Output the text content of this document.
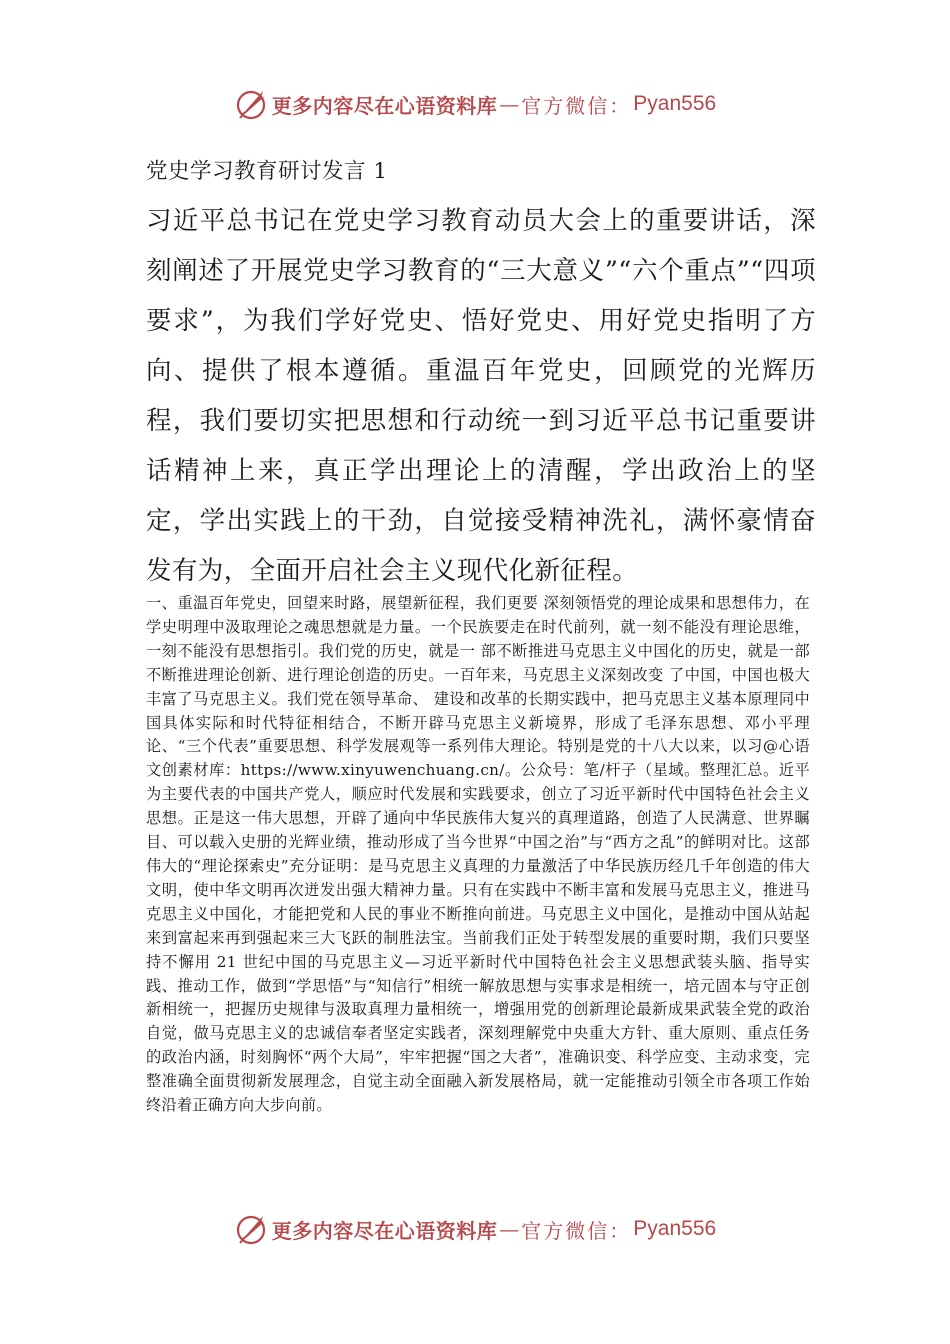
更多内容尽在心语资料库 — 官方微信： Pyan556
党史学习教育研讨发言 1
习近平总书记在党史学习教育动员大会上的重要讲话，深刻阐述了开展党史学习教育的“三大意义”“六个重点”“四项要求”，为我们学好党史、悟好党史、用好党史指明了方向、提供了根本遵循。重温百年党史，回顾党的光辉历程，我们要切实把思想和行动统一到习近平总书记重要讲话精神上来，真正学出理论上的清醒，学出政治上的坚定，学出实践上的干劲，自觉接受精神洗礼，满怀豪情奋发有为，全面开启社会主义现代化新征程。

一、重温百年党史，回望来时路，展望新征程，我们更要 深刻领悟党的理论成果和思想伟力，在学史明理中汲取理论之魂思想就是力量。一个民族要走在时代前列，就一刻不能没有理论思维，一刻不能没有思想指引。我们党的历史，就是一 部不断推进马克思主义中国化的历史，就是一部不断推进理论创新、进行理论创造的历史。一百年来，马克思主义深刻改变 了中国，中国也极大丰富了马克思主义。我们党在领导革命、 建设和改革的长期实践中，把马克思主义基本原理同中国具体实际和时代特征相结合，不断开辟马克思主义新境界，形成了毛泽东思想、邓小平理论、“三个代表”重要思想、科学发展观等一系列伟大理论。特别是党的十八大以来，以习@心语文创素材库：https://www.xinyuwenchuang.cn/。公众号：笔/杆子（星域。整理汇总。近平为主要代表的中国共产党人，顺应时代发展和实践要求，创立了习近平新时代中国特色社会主义思想。正是这一伟大思想，开辟了通向中华民族伟大复兴的真理道路，创造了人民满意、世界瞩目、可以载入史册的光辉业绩，推动形成了当今世界“中国之治”与“西方之乱”的鲜明对比。这部伟大的“理论探索史”充分证明：是马克思主义真理的力量激活了中华民族历经几千年创造的伟大文明，使中华文明再次迸发出强大精神力量。只有在实践中不断丰富和发展马克思主义，推进马克思主义中国化，才能把党和人民的事业不断推向前进。马克思主义中国化，是推动中国从站起来到富起来再到强起来三大飞跃的制胜法宝。当前我们正处于转型发展的重要时期，我们只要坚持不懈用 21 世纪中国的马克思主义—习近平新时代中国特色社会主义思想武装头脑、指导实践、推动工作，做到“学思悟”与“知信行”相统一解放思想与实事求是相统一，培元固本与守正创新相统一，把握历史规律与汲取真理力量相统一，增强用党的创新理论最新成果武装全党的政治自觉，做马克思主义的忠诚信奉者坚定实践者，深刻理解党中央重大方针、重大原则、重点任务的政治内涵，时刻胸怀“两个大局”，牢牢把握“国之大者”，准确识变、科学应变、主动求变，完整准确全面贯彻新发展理念，自觉主动全面融入新发展格局，就一定能推动引领全市各项工作始终沿着正确方向大步向前。

更多内容尽在心语资料库 — 官方微信： Pyan556
